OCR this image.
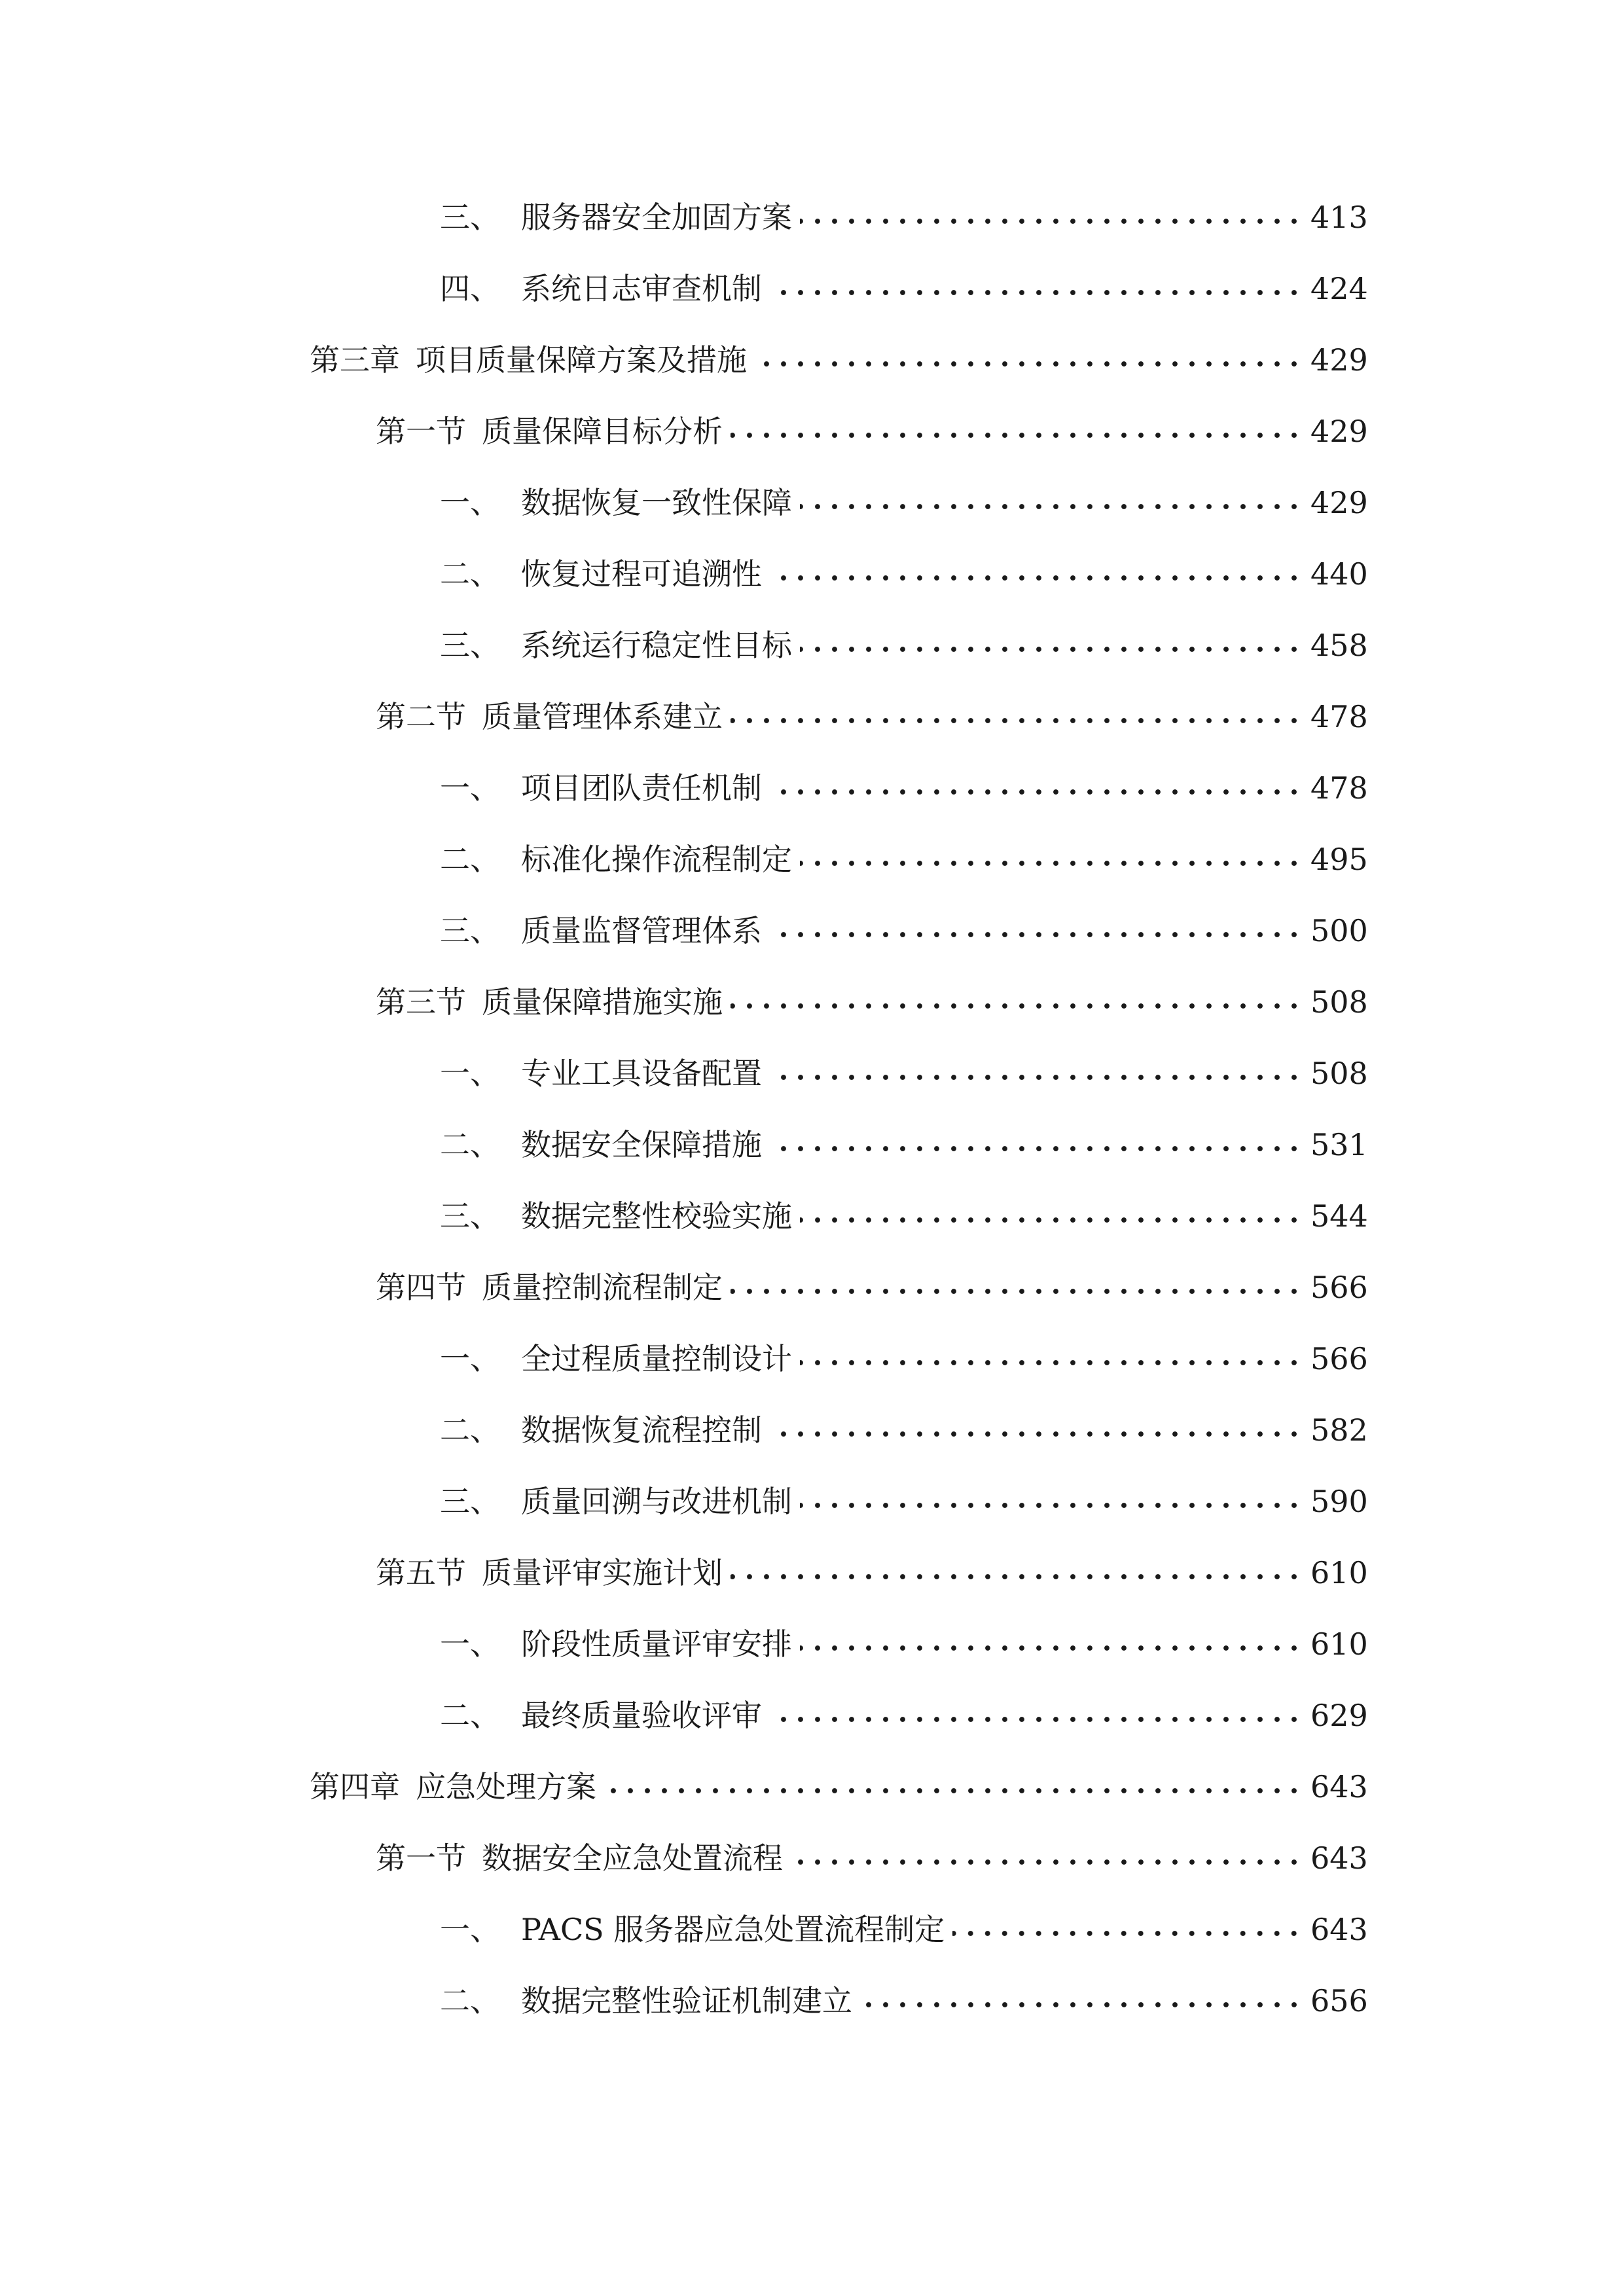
三、 服务器安全加固方案	413
四、 系统日志审查机制	424
第三章 项目质量保障方案及措施	429
第一节 质量保障目标分析	429
一、 数据恢复一致性保障	429
二、 恢复过程可追溯性	440
三、 系统运行稳定性目标	458
第二节 质量管理体系建立	478
一、 项目团队责任机制	478
二、 标准化操作流程制定	495
三、 质量监督管理体系	500
第三节 质量保障措施实施	508
一、 专业工具设备配置	508
二、 数据安全保障措施	531
三、 数据完整性校验实施	544
第四节 质量控制流程制定	566
一、 全过程质量控制设计	566
二、 数据恢复流程控制	582
三、 质量回溯与改进机制	590
第五节 质量评审实施计划	610
一、 阶段性质量评审安排	610
二、 最终质量验收评审	629
第四章 应急处理方案	643
第一节 数据安全应急处置流程	643
一、 PACS 服务器应急处置流程制定	643
二、 数据完整性验证机制建立	656
